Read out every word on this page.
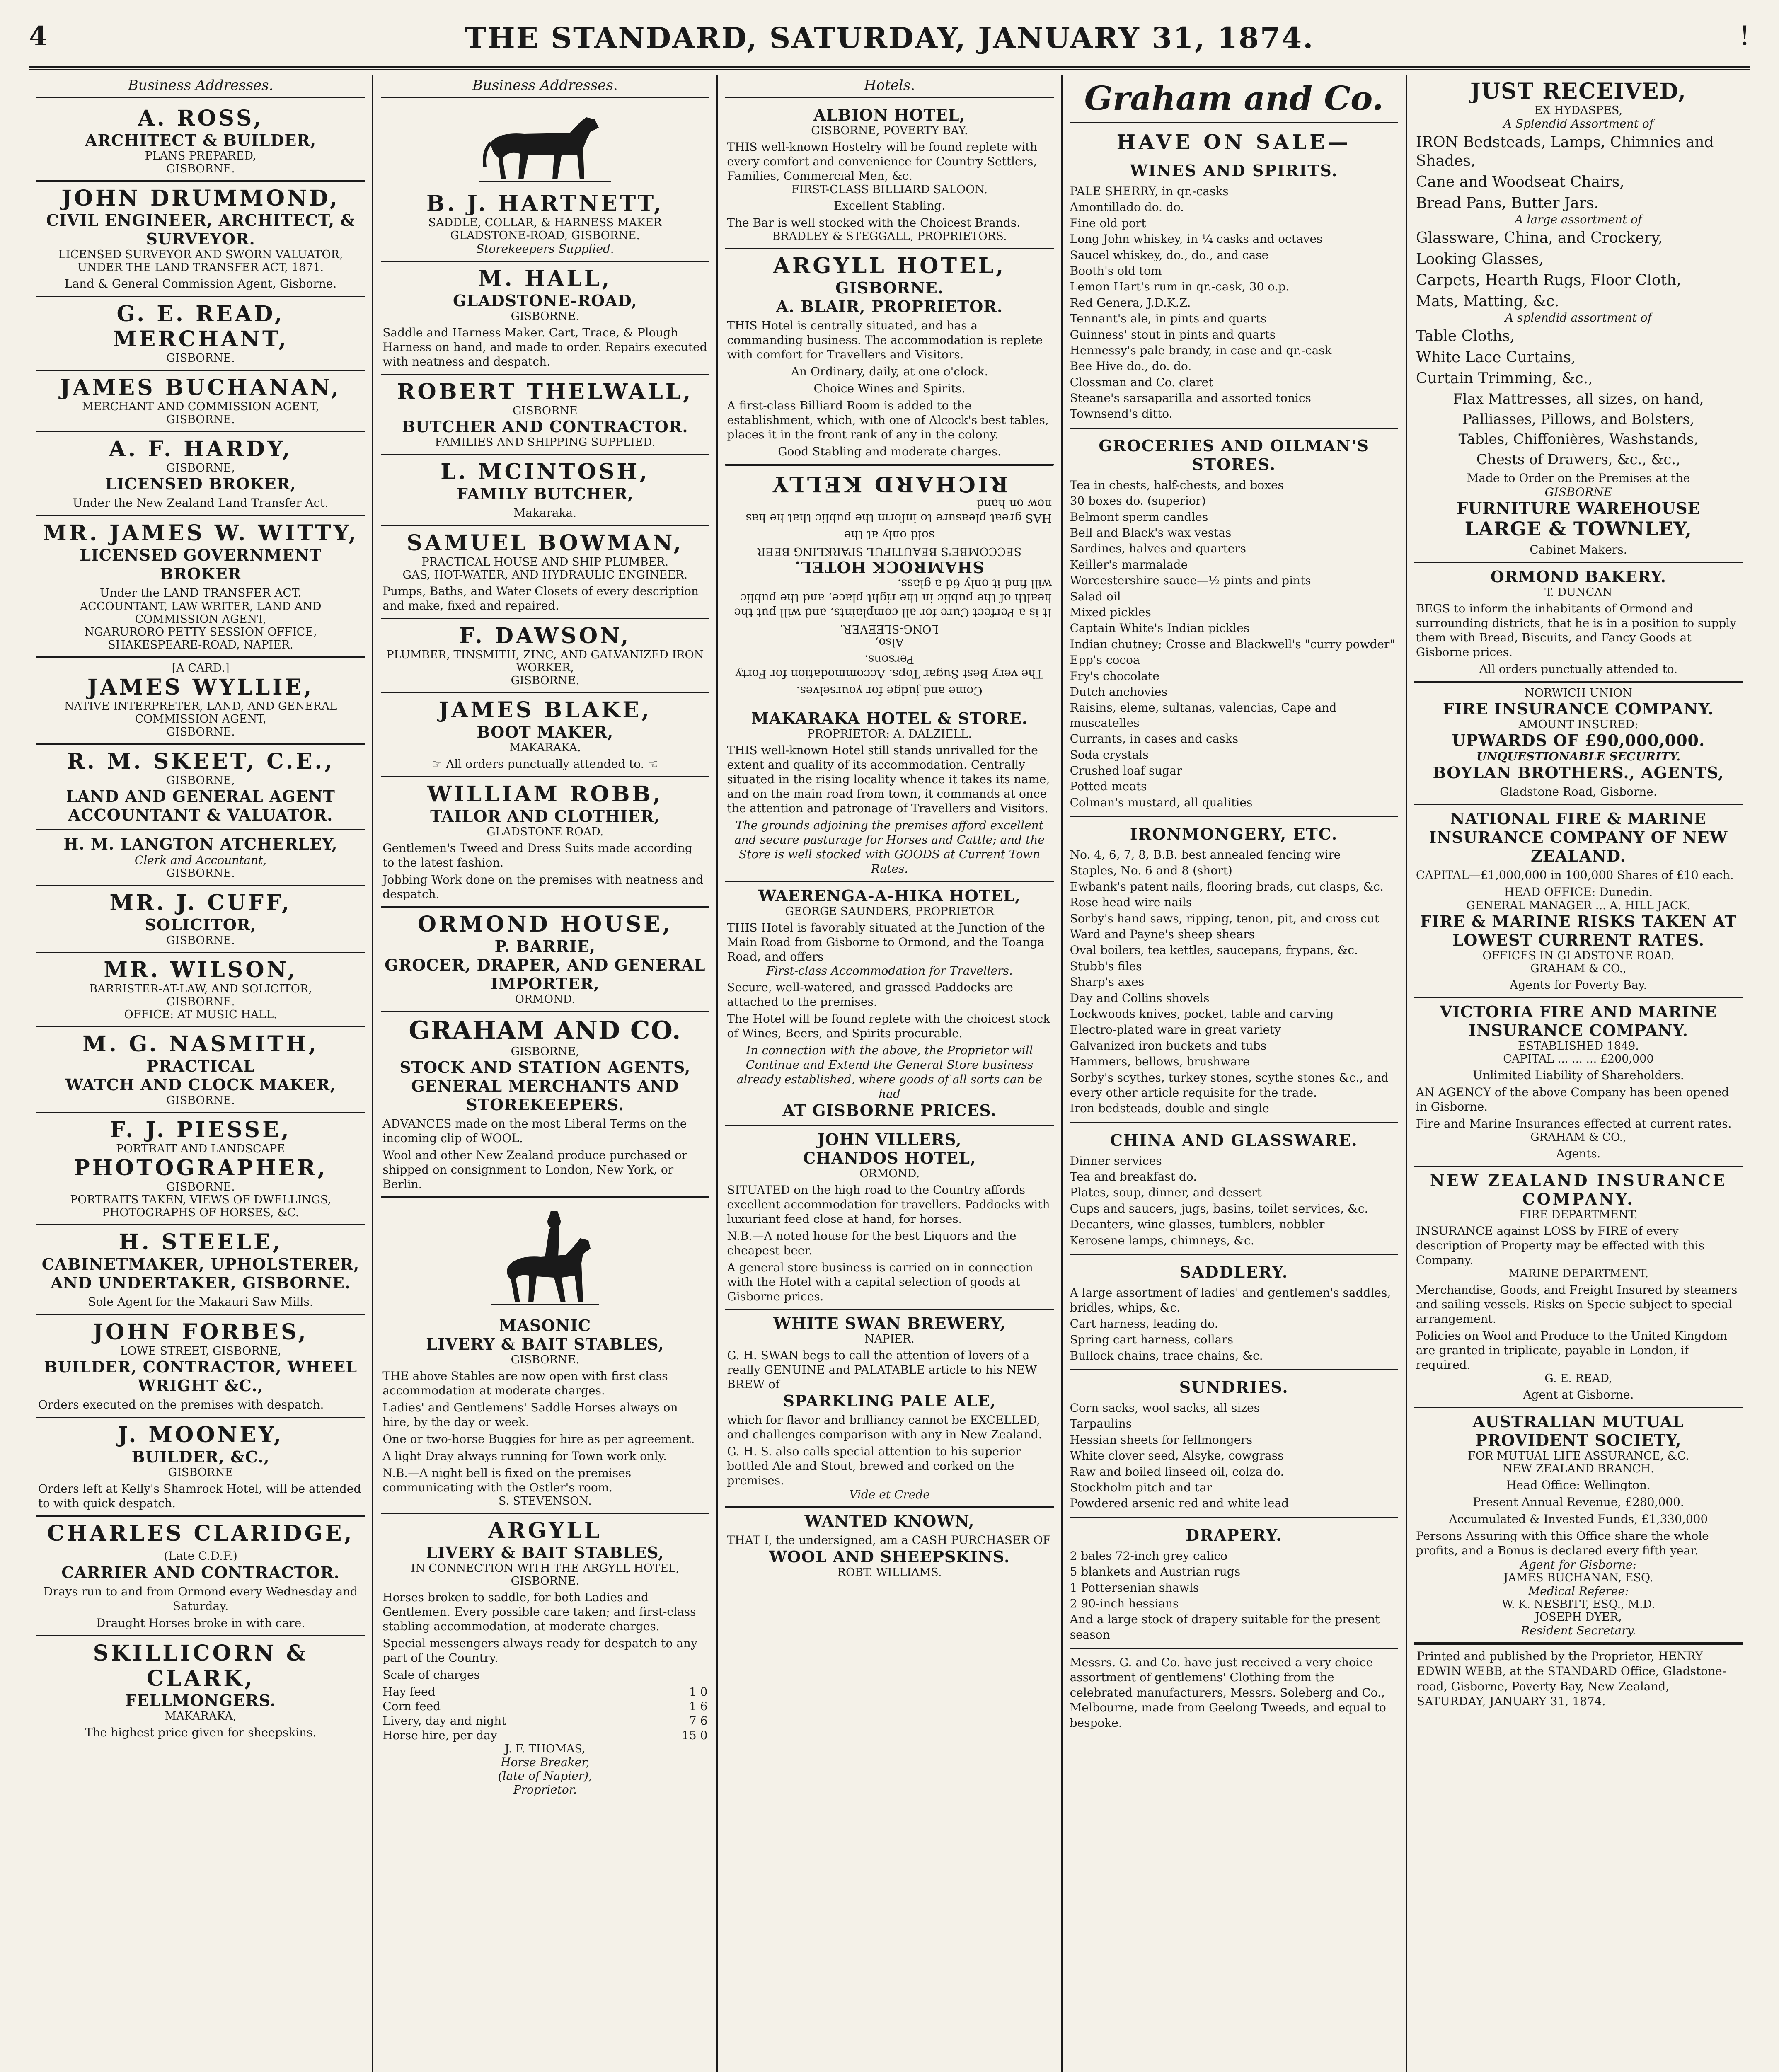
4	THE STANDARD, SATURDAY, JANUARY 31, 1874.	!
Business Addresses.
A. ROSS,
ARCHITECT & BUILDER,
PLANS PREPARED,
GISBORNE.
JOHN DRUMMOND,
CIVIL ENGINEER, ARCHITECT, & SURVEYOR.
LICENSED SURVEYOR AND SWORN VALUATOR, UNDER THE LAND TRANSFER ACT, 1871.
Land & General Commission Agent, Gisborne.
G. E. READ,
MERCHANT,
GISBORNE.
JAMES BUCHANAN,
MERCHANT AND COMMISSION AGENT,
GISBORNE.
A. F. HARDY,
GISBORNE,
LICENSED BROKER,
Under the New Zealand Land Transfer Act.
MR. JAMES W. WITTY,
LICENSED GOVERNMENT BROKER
Under the LAND TRANSFER ACT.
ACCOUNTANT, LAW WRITER, LAND AND COMMISSION AGENT,
NGARURORO PETTY SESSION OFFICE, SHAKESPEARE-ROAD, NAPIER.
[A CARD.]
JAMES WYLLIE,
NATIVE INTERPRETER, LAND, AND GENERAL COMMISSION AGENT,
GISBORNE.
R. M. SKEET, C.E.,
GISBORNE,
LAND AND GENERAL AGENT
ACCOUNTANT & VALUATOR.
H. M. LANGTON ATCHERLEY,
Clerk and Accountant,
GISBORNE.
MR. J. CUFF,
SOLICITOR,
GISBORNE.
MR. WILSON,
BARRISTER-AT-LAW, AND SOLICITOR,
GISBORNE.
OFFICE: AT MUSIC HALL.
M. G. NASMITH,
PRACTICAL
WATCH AND CLOCK MAKER,
GISBORNE.
F. J. PIESSE,
PORTRAIT AND LANDSCAPE
PHOTOGRAPHER,
GISBORNE.
PORTRAITS TAKEN, VIEWS OF DWELLINGS, PHOTOGRAPHS OF HORSES, &C.
H. STEELE,
CABINETMAKER, UPHOLSTERER, AND UNDERTAKER, GISBORNE.
Sole Agent for the Makauri Saw Mills.
JOHN FORBES,
LOWE STREET, GISBORNE,
BUILDER, CONTRACTOR, WHEEL WRIGHT &C.,
Orders executed on the premises with despatch.
J. MOONEY,
BUILDER, &C.,
GISBORNE
Orders left at Kelly's Shamrock Hotel, will be attended to with quick despatch.
CHARLES CLARIDGE,
(Late C.D.F.)
CARRIER AND CONTRACTOR.
Drays run to and from Ormond every Wednesday and Saturday.
Draught Horses broke in with care.
SKILLICORN & CLARK,
FELLMONGERS.
MAKARAKA,
The highest price given for sheepskins.
Business Addresses.
B. J. HARTNETT,
SADDLE, COLLAR, & HARNESS MAKER
GLADSTONE-ROAD, GISBORNE.
Storekeepers Supplied.
M. HALL,
GLADSTONE-ROAD,
GISBORNE.
Saddle and Harness Maker. Cart, Trace, & Plough Harness on hand, and made to order. Repairs executed with neatness and despatch.
ROBERT THELWALL,
GISBORNE
BUTCHER AND CONTRACTOR.
FAMILIES AND SHIPPING SUPPLIED.
L. MCINTOSH,
FAMILY BUTCHER,
Makaraka.
SAMUEL BOWMAN,
PRACTICAL HOUSE AND SHIP PLUMBER.
GAS, HOT-WATER, AND HYDRAULIC ENGINEER.
Pumps, Baths, and Water Closets of every description and make, fixed and repaired.
F. DAWSON,
PLUMBER, TINSMITH, ZINC, AND GALVANIZED IRON WORKER,
GISBORNE.
JAMES BLAKE,
BOOT MAKER,
MAKARAKA.
☞ All orders punctually attended to. ☜
WILLIAM ROBB,
TAILOR AND CLOTHIER,
GLADSTONE ROAD.
Gentlemen's Tweed and Dress Suits made according to the latest fashion.
Jobbing Work done on the premises with neatness and despatch.
ORMOND HOUSE,
P. BARRIE,
GROCER, DRAPER, AND GENERAL IMPORTER,
ORMOND.
GRAHAM AND CO.
GISBORNE,
STOCK AND STATION AGENTS,
GENERAL MERCHANTS AND STOREKEEPERS.
ADVANCES made on the most Liberal Terms on the incoming clip of WOOL.
Wool and other New Zealand produce purchased or shipped on consignment to London, New York, or Berlin.
MASONIC
LIVERY & BAIT STABLES,
GISBORNE.
THE above Stables are now open with first class accommodation at moderate charges.
Ladies' and Gentlemens' Saddle Horses always on hire, by the day or week.
One or two-horse Buggies for hire as per agreement.
A light Dray always running for Town work only.
N.B.—A night bell is fixed on the premises communicating with the Ostler's room.
S. STEVENSON.
ARGYLL
LIVERY & BAIT STABLES,
IN CONNECTION WITH THE ARGYLL HOTEL, GISBORNE.
Horses broken to saddle, for both Ladies and Gentlemen. Every possible care taken; and first-class stabling accommodation, at moderate charges.
Special messengers always ready for despatch to any part of the Country.
Scale of charges
Hay feed	1 0
Corn feed	1 6
Livery, day and night	7 6
Horse hire, per day	15 0
J. F. THOMAS,
Horse Breaker,
(late of Napier),
Proprietor.
Hotels.
ALBION HOTEL,
GISBORNE, POVERTY BAY.
THIS well-known Hostelry will be found replete with every comfort and convenience for Country Settlers, Families, Commercial Men, &c.
FIRST-CLASS BILLIARD SALOON.
Excellent Stabling.
The Bar is well stocked with the Choicest Brands.
BRADLEY & STEGGALL, PROPRIETORS.
ARGYLL HOTEL,
GISBORNE.
A. BLAIR, PROPRIETOR.
THIS Hotel is centrally situated, and has a commanding business. The accommodation is replete with comfort for Travellers and Visitors.
An Ordinary, daily, at one o'clock.
Choice Wines and Spirits.
A first-class Billiard Room is added to the establishment, which, with one of Alcock's best tables, places it in the front rank of any in the colony.
Good Stabling and moderate charges.
Come and judge for yourselves.
The very Best Sugar Tops. Accommodation for Forty Persons.
Also,
LONG-SLEEVER.
It is a Perfect Cure for all complaints, and will put the health of the public in the right place, and the public will find it only 6d a glass.
SHAMROCK HOTEL.
SECCOMBE'S BEAUTIFUL SPARKLING BEER
sold only at the
HAS great pleasure to inform the public that he has now on hand
RICHARD KELLY
MAKARAKA HOTEL & STORE.
PROPRIETOR: A. DALZIELL.
THIS well-known Hotel still stands unrivalled for the extent and quality of its accommodation. Centrally situated in the rising locality whence it takes its name, and on the main road from town, it commands at once the attention and patronage of Travellers and Visitors.
The grounds adjoining the premises afford excellent and secure pasturage for Horses and Cattle; and the Store is well stocked with GOODS at Current Town Rates.
WAERENGA-A-HIKA HOTEL,
GEORGE SAUNDERS, PROPRIETOR
THIS Hotel is favorably situated at the Junction of the Main Road from Gisborne to Ormond, and the Toanga Road, and offers
First-class Accommodation for Travellers.
Secure, well-watered, and grassed Paddocks are attached to the premises.
The Hotel will be found replete with the choicest stock of Wines, Beers, and Spirits procurable.
In connection with the above, the Proprietor will Continue and Extend the General Store business already established, where goods of all sorts can be had
AT GISBORNE PRICES.
JOHN VILLERS,
CHANDOS HOTEL,
ORMOND.
SITUATED on the high road to the Country affords excellent accommodation for travellers. Paddocks with luxuriant feed close at hand, for horses.
N.B.—A noted house for the best Liquors and the cheapest beer.
A general store business is carried on in connection with the Hotel with a capital selection of goods at Gisborne prices.
WHITE SWAN BREWERY,
NAPIER.
G. H. SWAN begs to call the attention of lovers of a really GENUINE and PALATABLE article to his NEW BREW of
SPARKLING PALE ALE,
which for flavor and brilliancy cannot be EXCELLED, and challenges comparison with any in New Zealand.
G. H. S. also calls special attention to his superior bottled Ale and Stout, brewed and corked on the premises.
Vide et Crede
WANTED KNOWN,
THAT I, the undersigned, am a CASH PURCHASER OF
WOOL AND SHEEPSKINS.
ROBT. WILLIAMS.
Graham and Co.
HAVE ON SALE—
WINES AND SPIRITS.
PALE SHERRY, in qr.-casks
Amontillado do. do.
Fine old port
Long John whiskey, in ¼ casks and octaves
Saucel whiskey, do., do., and case
Booth's old tom
Lemon Hart's rum in qr.-cask, 30 o.p.
Red Genera, J.D.K.Z.
Tennant's ale, in pints and quarts
Guinness' stout in pints and quarts
Hennessy's pale brandy, in case and qr.-cask
Bee Hive do., do. do.
Clossman and Co. claret
Steane's sarsaparilla and assorted tonics
Townsend's ditto.
GROCERIES AND OILMAN'S STORES.
Tea in chests, half-chests, and boxes
30 boxes do. (superior)
Belmont sperm candles
Bell and Black's wax vestas
Sardines, halves and quarters
Keiller's marmalade
Worcestershire sauce—½ pints and pints
Salad oil
Mixed pickles
Captain White's Indian pickles
Indian chutney; Crosse and Blackwell's "curry powder"
Epp's cocoa
Fry's chocolate
Dutch anchovies
Raisins, eleme, sultanas, valencias, Cape and muscatelles
Currants, in cases and casks
Soda crystals
Crushed loaf sugar
Potted meats
Colman's mustard, all qualities
IRONMONGERY, ETC.
No. 4, 6, 7, 8, B.B. best annealed fencing wire
Staples, No. 6 and 8 (short)
Ewbank's patent nails, flooring brads, cut clasps, &c.
Rose head wire nails
Sorby's hand saws, ripping, tenon, pit, and cross cut
Ward and Payne's sheep shears
Oval boilers, tea kettles, saucepans, frypans, &c.
Stubb's files
Sharp's axes
Day and Collins shovels
Lockwoods knives, pocket, table and carving
Electro-plated ware in great variety
Galvanized iron buckets and tubs
Hammers, bellows, brushware
Sorby's scythes, turkey stones, scythe stones &c., and every other article requisite for the trade.
Iron bedsteads, double and single
CHINA AND GLASSWARE.
Dinner services
Tea and breakfast do.
Plates, soup, dinner, and dessert
Cups and saucers, jugs, basins, toilet services, &c.
Decanters, wine glasses, tumblers, nobbler
Kerosene lamps, chimneys, &c.
SADDLERY.
A large assortment of ladies' and gentlemen's saddles, bridles, whips, &c.
Cart harness, leading do.
Spring cart harness, collars
Bullock chains, trace chains, &c.
SUNDRIES.
Corn sacks, wool sacks, all sizes
Tarpaulins
Hessian sheets for fellmongers
White clover seed, Alsyke, cowgrass
Raw and boiled linseed oil, colza do.
Stockholm pitch and tar
Powdered arsenic red and white lead
DRAPERY.
2 bales 72-inch grey calico
5 blankets and Austrian rugs
1 Pottersenian shawls
2 90-inch hessians
And a large stock of drapery suitable for the present season
Messrs. G. and Co. have just received a very choice assortment of gentlemens' Clothing from the celebrated manufacturers, Messrs. Soleberg and Co., Melbourne, made from Geelong Tweeds, and equal to bespoke.
JUST RECEIVED,
EX HYDASPES,
A Splendid Assortment of
IRON Bedsteads, Lamps, Chimnies and Shades,
Cane and Woodseat Chairs,
Bread Pans, Butter Jars.
A large assortment of
Glassware, China, and Crockery,
Looking Glasses,
Carpets, Hearth Rugs, Floor Cloth,
Mats, Matting, &c.
A splendid assortment of
Table Cloths,
White Lace Curtains,
Curtain Trimming, &c.,
Flax Mattresses, all sizes, on hand,
Palliasses, Pillows, and Bolsters,
Tables, Chiffonières, Washstands,
Chests of Drawers, &c., &c.,
Made to Order on the Premises at the
GISBORNE
FURNITURE WAREHOUSE
LARGE & TOWNLEY,
Cabinet Makers.
ORMOND BAKERY.
T. DUNCAN
BEGS to inform the inhabitants of Ormond and surrounding districts, that he is in a position to supply them with Bread, Biscuits, and Fancy Goods at Gisborne prices.
All orders punctually attended to.
NORWICH UNION
FIRE INSURANCE COMPANY.
AMOUNT INSURED:
UPWARDS OF £90,000,000.
UNQUESTIONABLE SECURITY.
BOYLAN BROTHERS., AGENTS,
Gladstone Road, Gisborne.
NATIONAL FIRE & MARINE INSURANCE COMPANY OF NEW ZEALAND.
CAPITAL—£1,000,000 in 100,000 Shares of £10 each.
HEAD OFFICE: Dunedin.
GENERAL MANAGER ... A. HILL JACK.
FIRE & MARINE RISKS TAKEN AT LOWEST CURRENT RATES.
OFFICES IN GLADSTONE ROAD.
GRAHAM & CO.,
Agents for Poverty Bay.
VICTORIA FIRE AND MARINE INSURANCE COMPANY.
ESTABLISHED 1849.
CAPITAL ... ... ... £200,000
Unlimited Liability of Shareholders.
AN AGENCY of the above Company has been opened in Gisborne.
Fire and Marine Insurances effected at current rates.
GRAHAM & CO.,
Agents.
NEW ZEALAND INSURANCE COMPANY.
FIRE DEPARTMENT.
INSURANCE against LOSS by FIRE of every description of Property may be effected with this Company.
MARINE DEPARTMENT.
Merchandise, Goods, and Freight Insured by steamers and sailing vessels. Risks on Specie subject to special arrangement.
Policies on Wool and Produce to the United Kingdom are granted in triplicate, payable in London, if required.
G. E. READ,
Agent at Gisborne.
AUSTRALIAN MUTUAL PROVIDENT SOCIETY,
FOR MUTUAL LIFE ASSURANCE, &C.
NEW ZEALAND BRANCH.
Head Office: Wellington.
Present Annual Revenue, £280,000.
Accumulated & Invested Funds, £1,330,000
Persons Assuring with this Office share the whole profits, and a Bonus is declared every fifth year.
Agent for Gisborne:
JAMES BUCHANAN, ESQ.
Medical Referee:
W. K. NESBITT, ESQ., M.D.
JOSEPH DYER,
Resident Secretary.
Printed and published by the Proprietor, HENRY EDWIN WEBB, at the STANDARD Office, Gladstone-road, Gisborne, Poverty Bay, New Zealand, SATURDAY, JANUARY 31, 1874.
